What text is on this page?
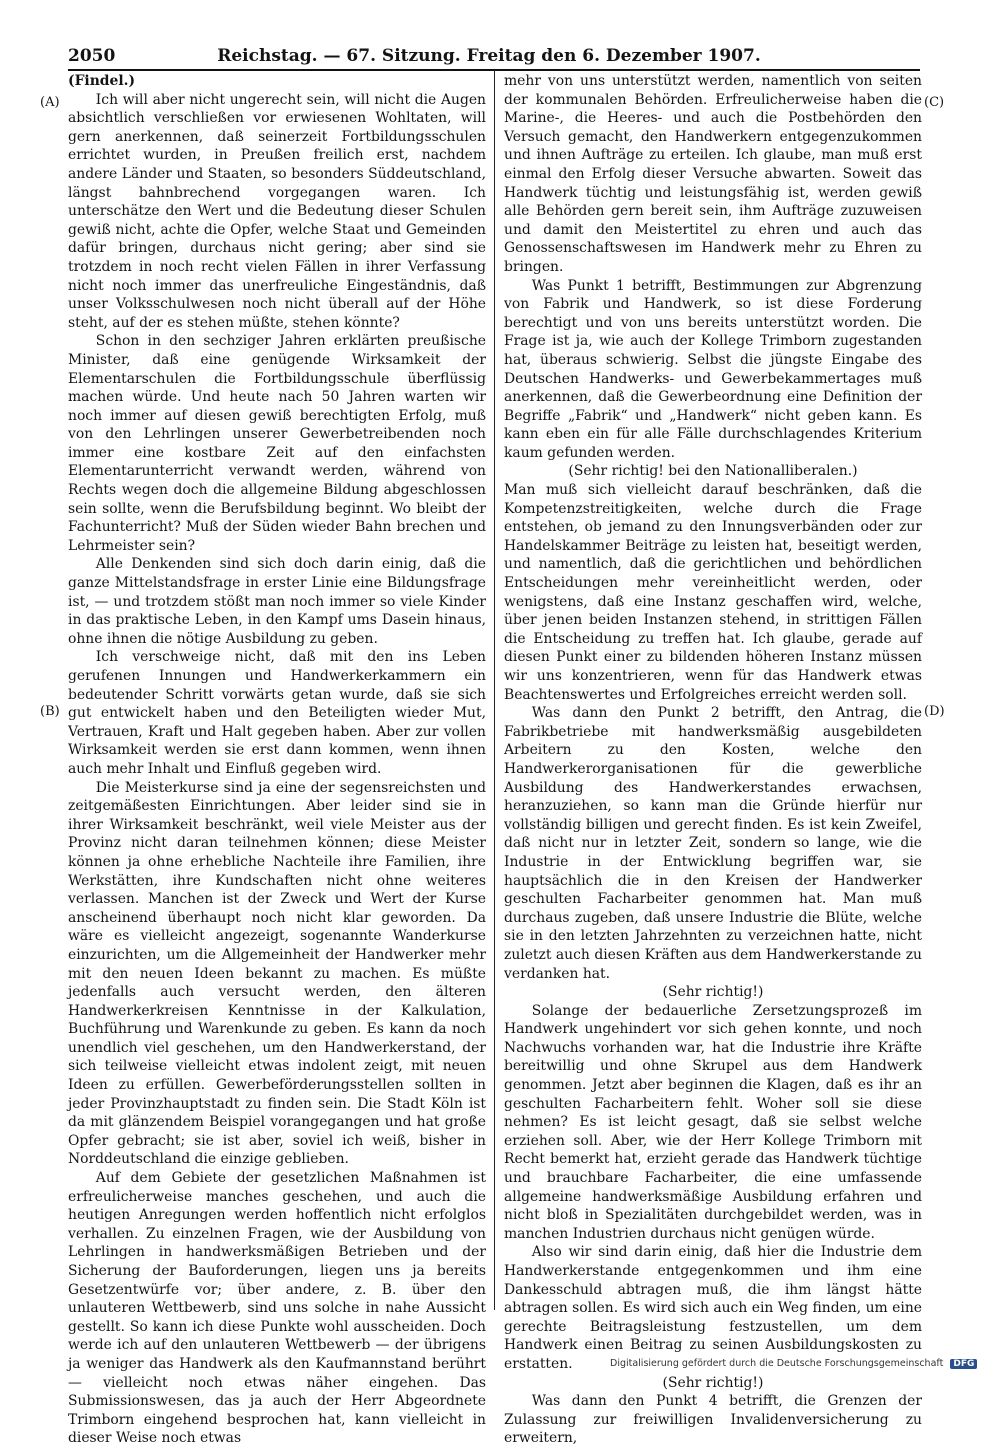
2050	Reichstag. — 67. Sitzung. Freitag den 6. Dezember 1907.
(A)
(B)
(C)
(D)

(Findel.)

Ich will aber nicht ungerecht sein, will nicht die Augen absichtlich verschließen vor erwiesenen Wohltaten, will gern anerkennen, daß seinerzeit Fortbildungsschulen errichtet wurden, in Preußen freilich erst, nachdem andere Länder und Staaten, so besonders Süddeutschland, längst bahnbrechend vorgegangen waren. Ich unterschätze den Wert und die Bedeutung dieser Schulen gewiß nicht, achte die Opfer, welche Staat und Gemeinden dafür bringen, durchaus nicht gering; aber sind sie trotzdem in noch recht vielen Fällen in ihrer Verfassung nicht noch immer das unerfreuliche Eingeständnis, daß unser Volksschulwesen noch nicht überall auf der Höhe steht, auf der es stehen müßte, stehen könnte?

Schon in den sechziger Jahren erklärten preußische Minister, daß eine genügende Wirksamkeit der Elementarschulen die Fortbildungsschule überflüssig machen würde. Und heute nach 50 Jahren warten wir noch immer auf diesen gewiß berechtigten Erfolg, muß von den Lehrlingen unserer Gewerbetreibenden noch immer eine kostbare Zeit auf den einfachsten Elementarunterricht verwandt werden, während von Rechts wegen doch die allgemeine Bildung abgeschlossen sein sollte, wenn die Berufsbildung beginnt. Wo bleibt der Fachunterricht? Muß der Süden wieder Bahn brechen und Lehrmeister sein?

Alle Denkenden sind sich doch darin einig, daß die ganze Mittelstandsfrage in erster Linie eine Bildungsfrage ist, — und trotzdem stößt man noch immer so viele Kinder in das praktische Leben, in den Kampf ums Dasein hinaus, ohne ihnen die nötige Ausbildung zu geben.

Ich verschweige nicht, daß mit den ins Leben gerufenen Innungen und Handwerkerkammern ein bedeutender Schritt vorwärts getan wurde, daß sie sich gut entwickelt haben und den Beteiligten wieder Mut, Vertrauen, Kraft und Halt gegeben haben. Aber zur vollen Wirksamkeit werden sie erst dann kommen, wenn ihnen auch mehr Inhalt und Einfluß gegeben wird.

Die Meisterkurse sind ja eine der segensreichsten und zeitgemäßesten Einrichtungen. Aber leider sind sie in ihrer Wirksamkeit beschränkt, weil viele Meister aus der Provinz nicht daran teilnehmen können; diese Meister können ja ohne erhebliche Nachteile ihre Familien, ihre Werkstätten, ihre Kundschaften nicht ohne weiteres verlassen. Manchen ist der Zweck und Wert der Kurse anscheinend überhaupt noch nicht klar geworden. Da wäre es vielleicht angezeigt, sogenannte Wanderkurse einzurichten, um die Allgemeinheit der Handwerker mehr mit den neuen Ideen bekannt zu machen. Es müßte jedenfalls auch versucht werden, den älteren Handwerkerkreisen Kenntnisse in der Kalkulation, Buchführung und Warenkunde zu geben. Es kann da noch unendlich viel geschehen, um den Handwerkerstand, der sich teilweise vielleicht etwas indolent zeigt, mit neuen Ideen zu erfüllen. Gewerbeförderungsstellen sollten in jeder Provinzhauptstadt zu finden sein. Die Stadt Köln ist da mit glänzendem Beispiel vorangegangen und hat große Opfer gebracht; sie ist aber, soviel ich weiß, bisher in Norddeutschland die einzige geblieben.

Auf dem Gebiete der gesetzlichen Maßnahmen ist erfreulicherweise manches geschehen, und auch die heutigen Anregungen werden hoffentlich nicht erfolglos verhallen. Zu einzelnen Fragen, wie der Ausbildung von Lehrlingen in handwerksmäßigen Betrieben und der Sicherung der Bauforderungen, liegen uns ja bereits Gesetzentwürfe vor; über andere, z. B. über den unlauteren Wettbewerb, sind uns solche in nahe Aussicht gestellt. So kann ich diese Punkte wohl ausscheiden. Doch werde ich auf den unlauteren Wettbewerb — der übrigens ja weniger das Handwerk als den Kaufmannstand berührt — vielleicht noch etwas näher eingehen. Das Submissionswesen, das ja auch der Herr Abgeordnete Trimborn eingehend besprochen hat, kann vielleicht in dieser Weise noch etwas

mehr von uns unterstützt werden, namentlich von seiten der kommunalen Behörden. Erfreulicherweise haben die Marine-, die Heeres- und auch die Postbehörden den Versuch gemacht, den Handwerkern entgegenzukommen und ihnen Aufträge zu erteilen. Ich glaube, man muß erst einmal den Erfolg dieser Versuche abwarten. Soweit das Handwerk tüchtig und leistungsfähig ist, werden gewiß alle Behörden gern bereit sein, ihm Aufträge zuzuweisen und damit den Meistertitel zu ehren und auch das Genossenschaftswesen im Handwerk mehr zu Ehren zu bringen.

Was Punkt 1 betrifft, Bestimmungen zur Abgrenzung von Fabrik und Handwerk, so ist diese Forderung berechtigt und von uns bereits unterstützt worden. Die Frage ist ja, wie auch der Kollege Trimborn zugestanden hat, überaus schwierig. Selbst die jüngste Eingabe des Deutschen Handwerks- und Gewerbekammertages muß anerkennen, daß die Gewerbeordnung eine Definition der Begriffe „Fabrik“ und „Handwerk“ nicht geben kann. Es kann eben ein für alle Fälle durchschlagendes Kriterium kaum gefunden werden.

(Sehr richtig! bei den Nationalliberalen.)

Man muß sich vielleicht darauf beschränken, daß die Kompetenzstreitigkeiten, welche durch die Frage entstehen, ob jemand zu den Innungsverbänden oder zur Handelskammer Beiträge zu leisten hat, beseitigt werden, und namentlich, daß die gerichtlichen und behördlichen Entscheidungen mehr vereinheitlicht werden, oder wenigstens, daß eine Instanz geschaffen wird, welche, über jenen beiden Instanzen stehend, in strittigen Fällen die Entscheidung zu treffen hat. Ich glaube, gerade auf diesen Punkt einer zu bildenden höheren Instanz müssen wir uns konzentrieren, wenn für das Handwerk etwas Beachtenswertes und Erfolgreiches erreicht werden soll.

Was dann den Punkt 2 betrifft, den Antrag, die Fabrikbetriebe mit handwerksmäßig ausgebildeten Arbeitern zu den Kosten, welche den Handwerkerorganisationen für die gewerbliche Ausbildung des Handwerkerstandes erwachsen, heranzuziehen, so kann man die Gründe hierfür nur vollständig billigen und gerecht finden. Es ist kein Zweifel, daß nicht nur in letzter Zeit, sondern so lange, wie die Industrie in der Entwicklung begriffen war, sie hauptsächlich die in den Kreisen der Handwerker geschulten Facharbeiter genommen hat. Man muß durchaus zugeben, daß unsere Industrie die Blüte, welche sie in den letzten Jahrzehnten zu verzeichnen hatte, nicht zuletzt auch diesen Kräften aus dem Handwerkerstande zu verdanken hat.

(Sehr richtig!)

Solange der bedauerliche Zersetzungsprozeß im Handwerk ungehindert vor sich gehen konnte, und noch Nachwuchs vorhanden war, hat die Industrie ihre Kräfte bereitwillig und ohne Skrupel aus dem Handwerk genommen. Jetzt aber beginnen die Klagen, daß es ihr an geschulten Facharbeitern fehlt. Woher soll sie diese nehmen? Es ist leicht gesagt, daß sie selbst welche erziehen soll. Aber, wie der Herr Kollege Trimborn mit Recht bemerkt hat, erzieht gerade das Handwerk tüchtige und brauchbare Facharbeiter, die eine umfassende allgemeine handwerksmäßige Ausbildung erfahren und nicht bloß in Spezialitäten durchgebildet werden, was in manchen Industrien durchaus nicht genügen würde.

Also wir sind darin einig, daß hier die Industrie dem Handwerkerstande entgegenkommen und ihm eine Dankesschuld abtragen muß, die ihm längst hätte abtragen sollen. Es wird sich auch ein Weg finden, um eine gerechte Beitragsleistung festzustellen, um dem Handwerk einen Beitrag zu seinen Ausbildungskosten zu erstatten.

(Sehr richtig!)

Was dann den Punkt 4 betrifft, die Grenzen der Zulassung zur freiwilligen Invalidenversicherung zu erweitern,

Digitalisierung gefördert durch die Deutsche Forschungsgemeinschaft DFG
